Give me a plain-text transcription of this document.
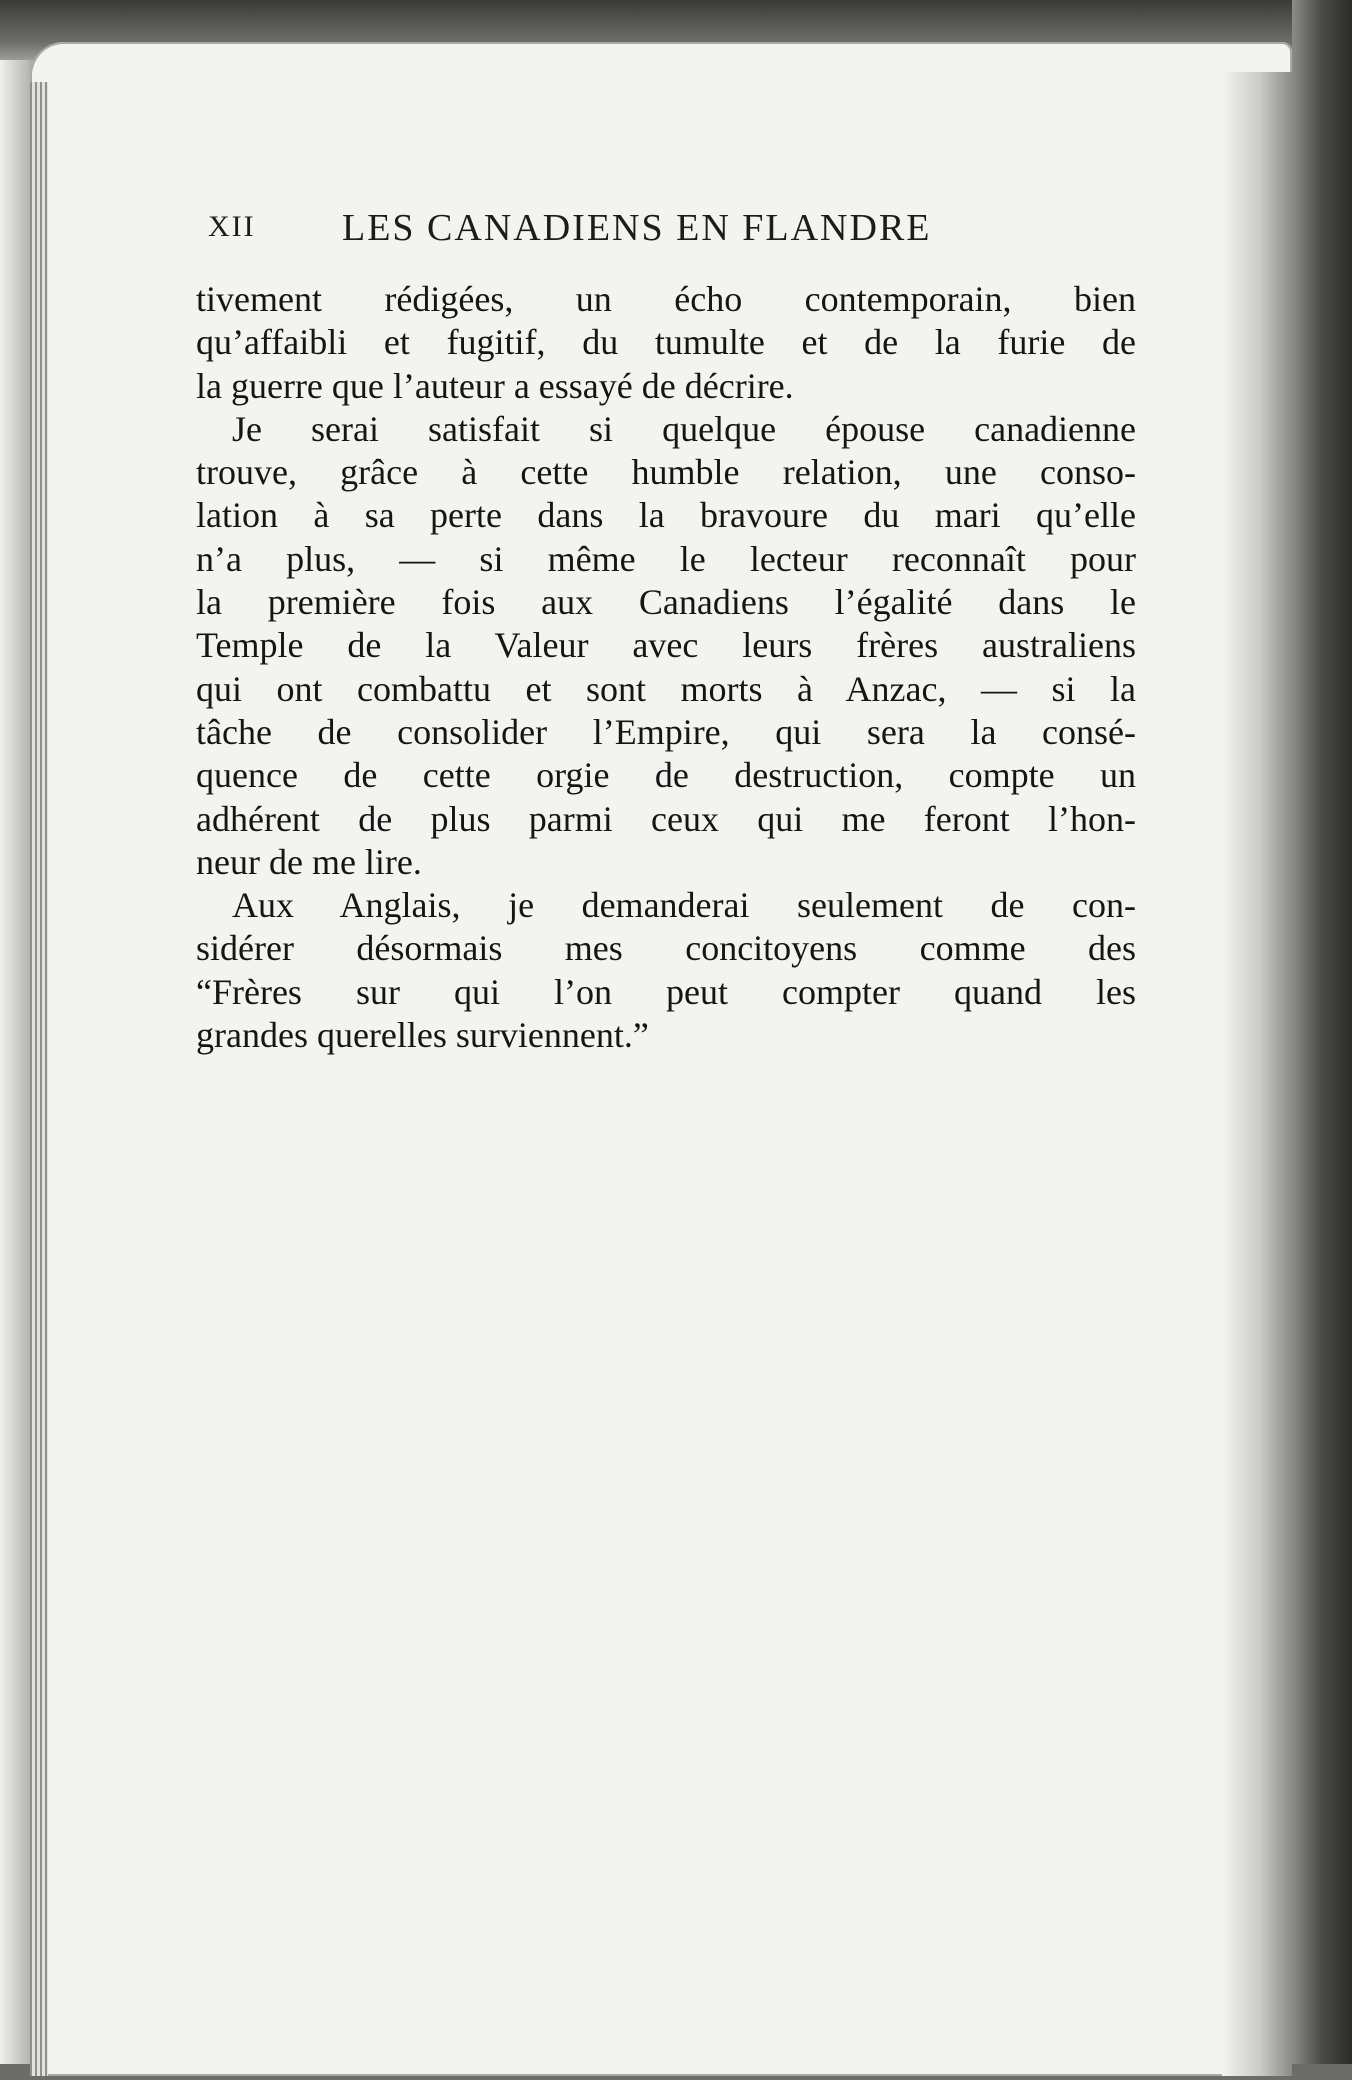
XII LES CANADIENS EN FLANDRE
tivement rédigées, un écho contemporain, bien
qu’affaibli et fugitif, du tumulte et de la furie de
la guerre que l’auteur a essayé de décrire.
Je serai satisfait si quelque épouse canadienne
trouve, grâce à cette humble relation, une conso-
lation à sa perte dans la bravoure du mari qu’elle
n’a plus, — si même le lecteur reconnaît pour
la première fois aux Canadiens l’égalité dans le
Temple de la Valeur avec leurs frères australiens
qui ont combattu et sont morts à Anzac, — si la
tâche de consolider l’Empire, qui sera la consé-
quence de cette orgie de destruction, compte un
adhérent de plus parmi ceux qui me feront l’hon-
neur de me lire.
Aux Anglais, je demanderai seulement de con-
sidérer désormais mes concitoyens comme des
“Frères sur qui l’on peut compter quand les
grandes querelles surviennent.”
